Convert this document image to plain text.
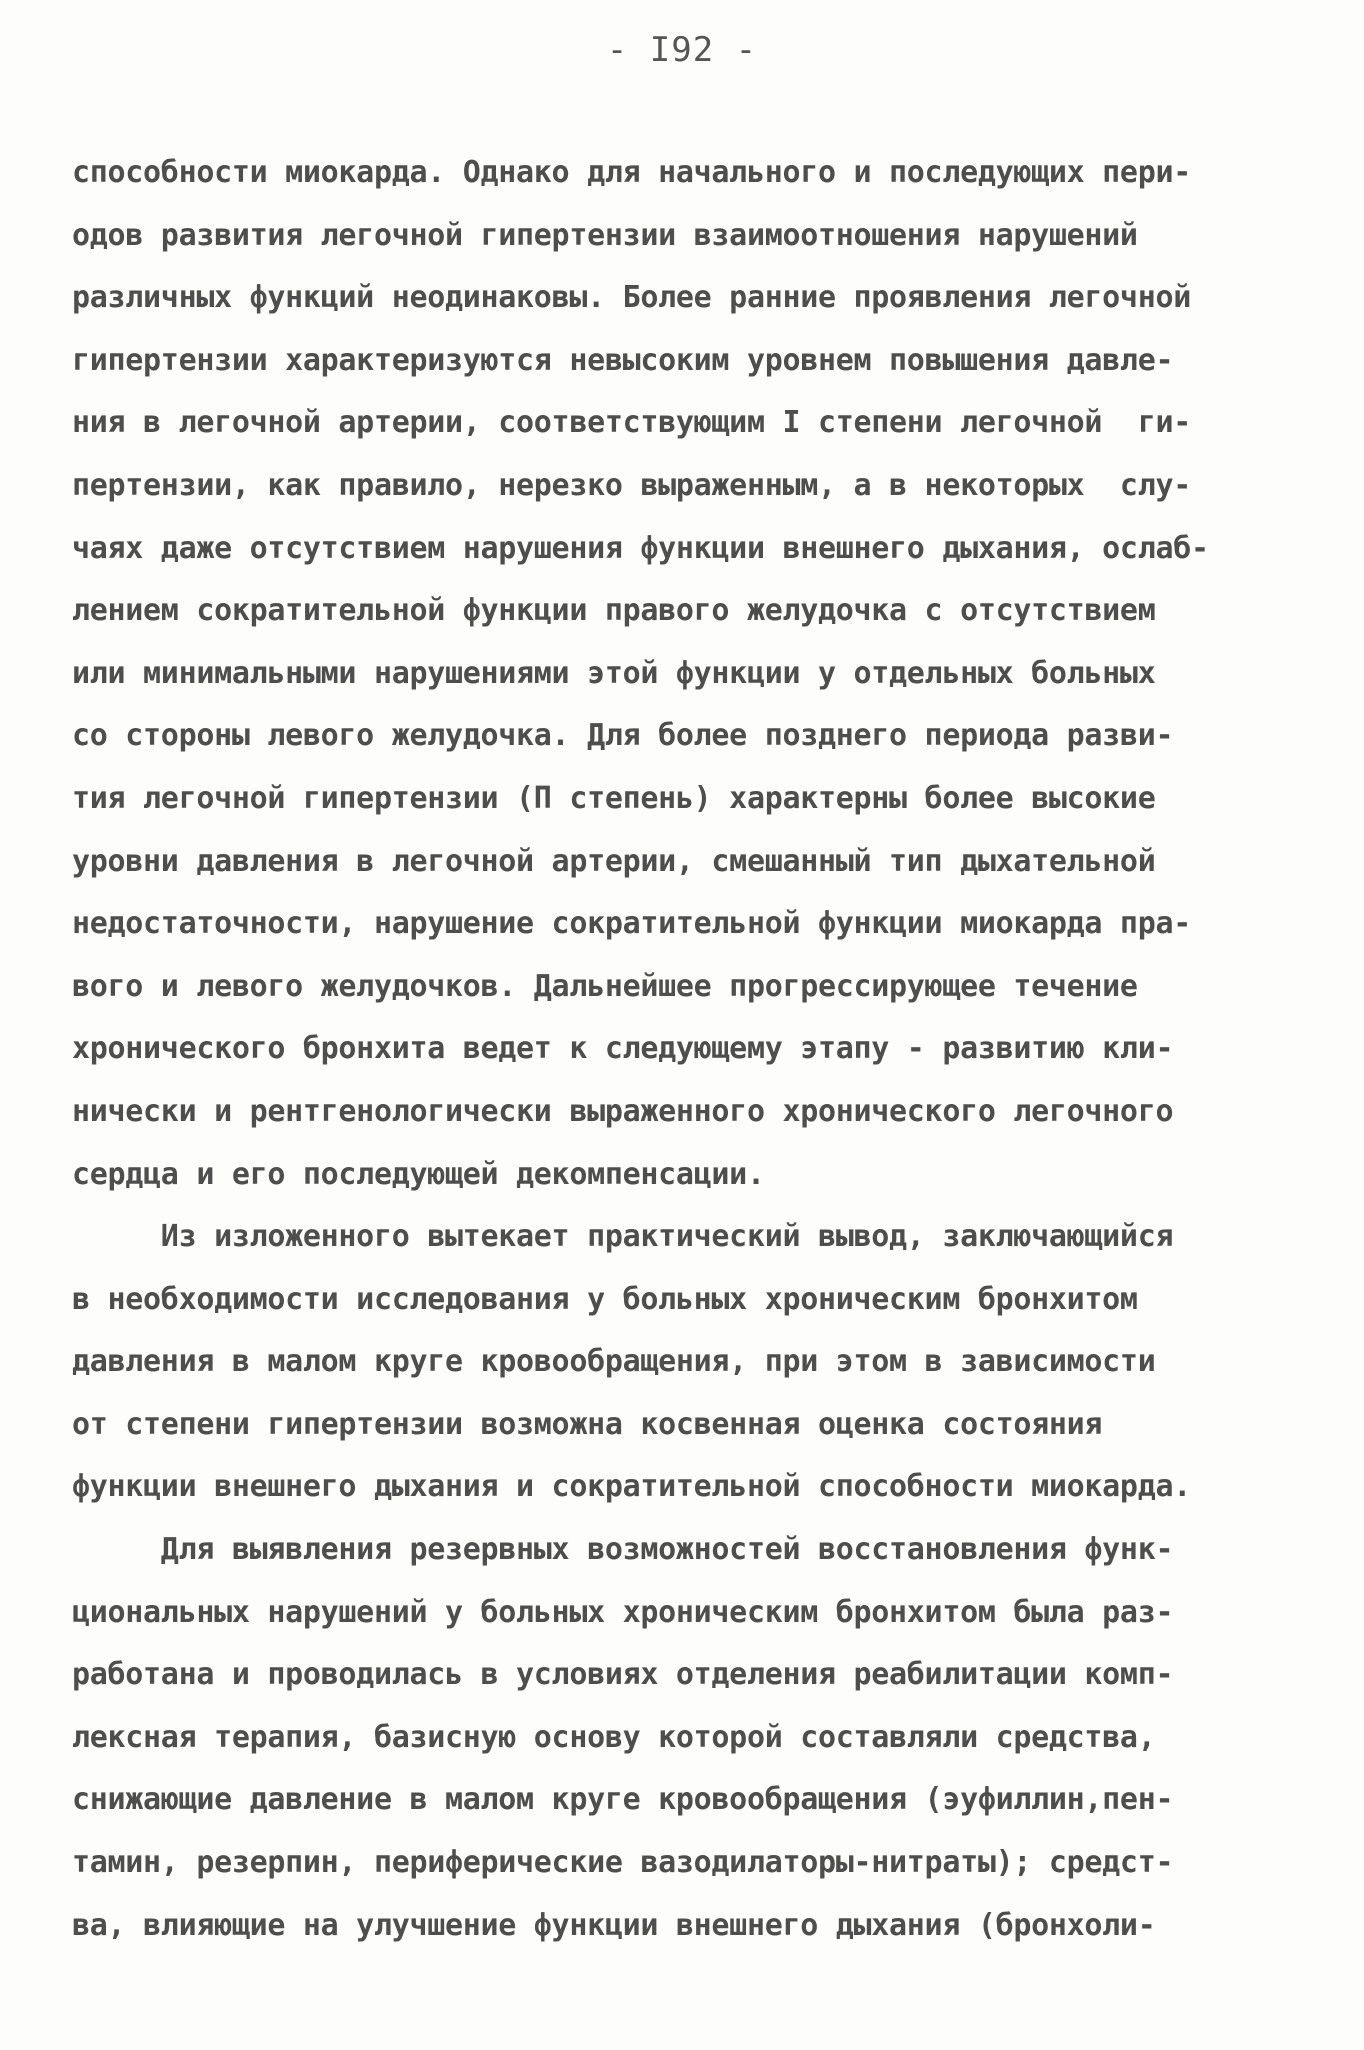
- I92 -
способности миокарда. Однако для начального и последующих пери-
одов развития легочной гипертензии взаимоотношения нарушений
различных функций неодинаковы. Более ранние проявления легочной
гипертензии характеризуются невысоким уровнем повышения давле-
ния в легочной артерии, соответствующим I степени легочной  ги-
пертензии, как правило, нерезко выраженным, а в некоторых  слу-
чаях даже отсутствием нарушения функции внешнего дыхания, ослаб-
лением сократительной функции правого желудочка с отсутствием
или минимальными нарушениями этой функции у отдельных больных
со стороны левого желудочка. Для более позднего периода разви-
тия легочной гипертензии (П степень) характерны более высокие
уровни давления в легочной артерии, смешанный тип дыхательной
недостаточности, нарушение сократительной функции миокарда пра-
вого и левого желудочков. Дальнейшее прогрессирующее течение
хронического бронхита ведет к следующему этапу - развитию кли-
нически и рентгенологически выраженного хронического легочного
сердца и его последующей декомпенсации.
Из изложенного вытекает практический вывод, заключающийся
в необходимости исследования у больных хроническим бронхитом
давления в малом круге кровообращения, при этом в зависимости
от степени гипертензии возможна косвенная оценка состояния
функции внешнего дыхания и сократительной способности миокарда.
Для выявления резервных возможностей восстановления функ-
циональных нарушений у больных хроническим бронхитом была раз-
работана и проводилась в условиях отделения реабилитации комп-
лексная терапия, базисную основу которой составляли средства,
снижающие давление в малом круге кровообращения (эуфиллин,пен-
тамин, резерпин, периферические вазодилаторы-нитраты); средст-
ва, влияющие на улучшение функции внешнего дыхания (бронхоли-
